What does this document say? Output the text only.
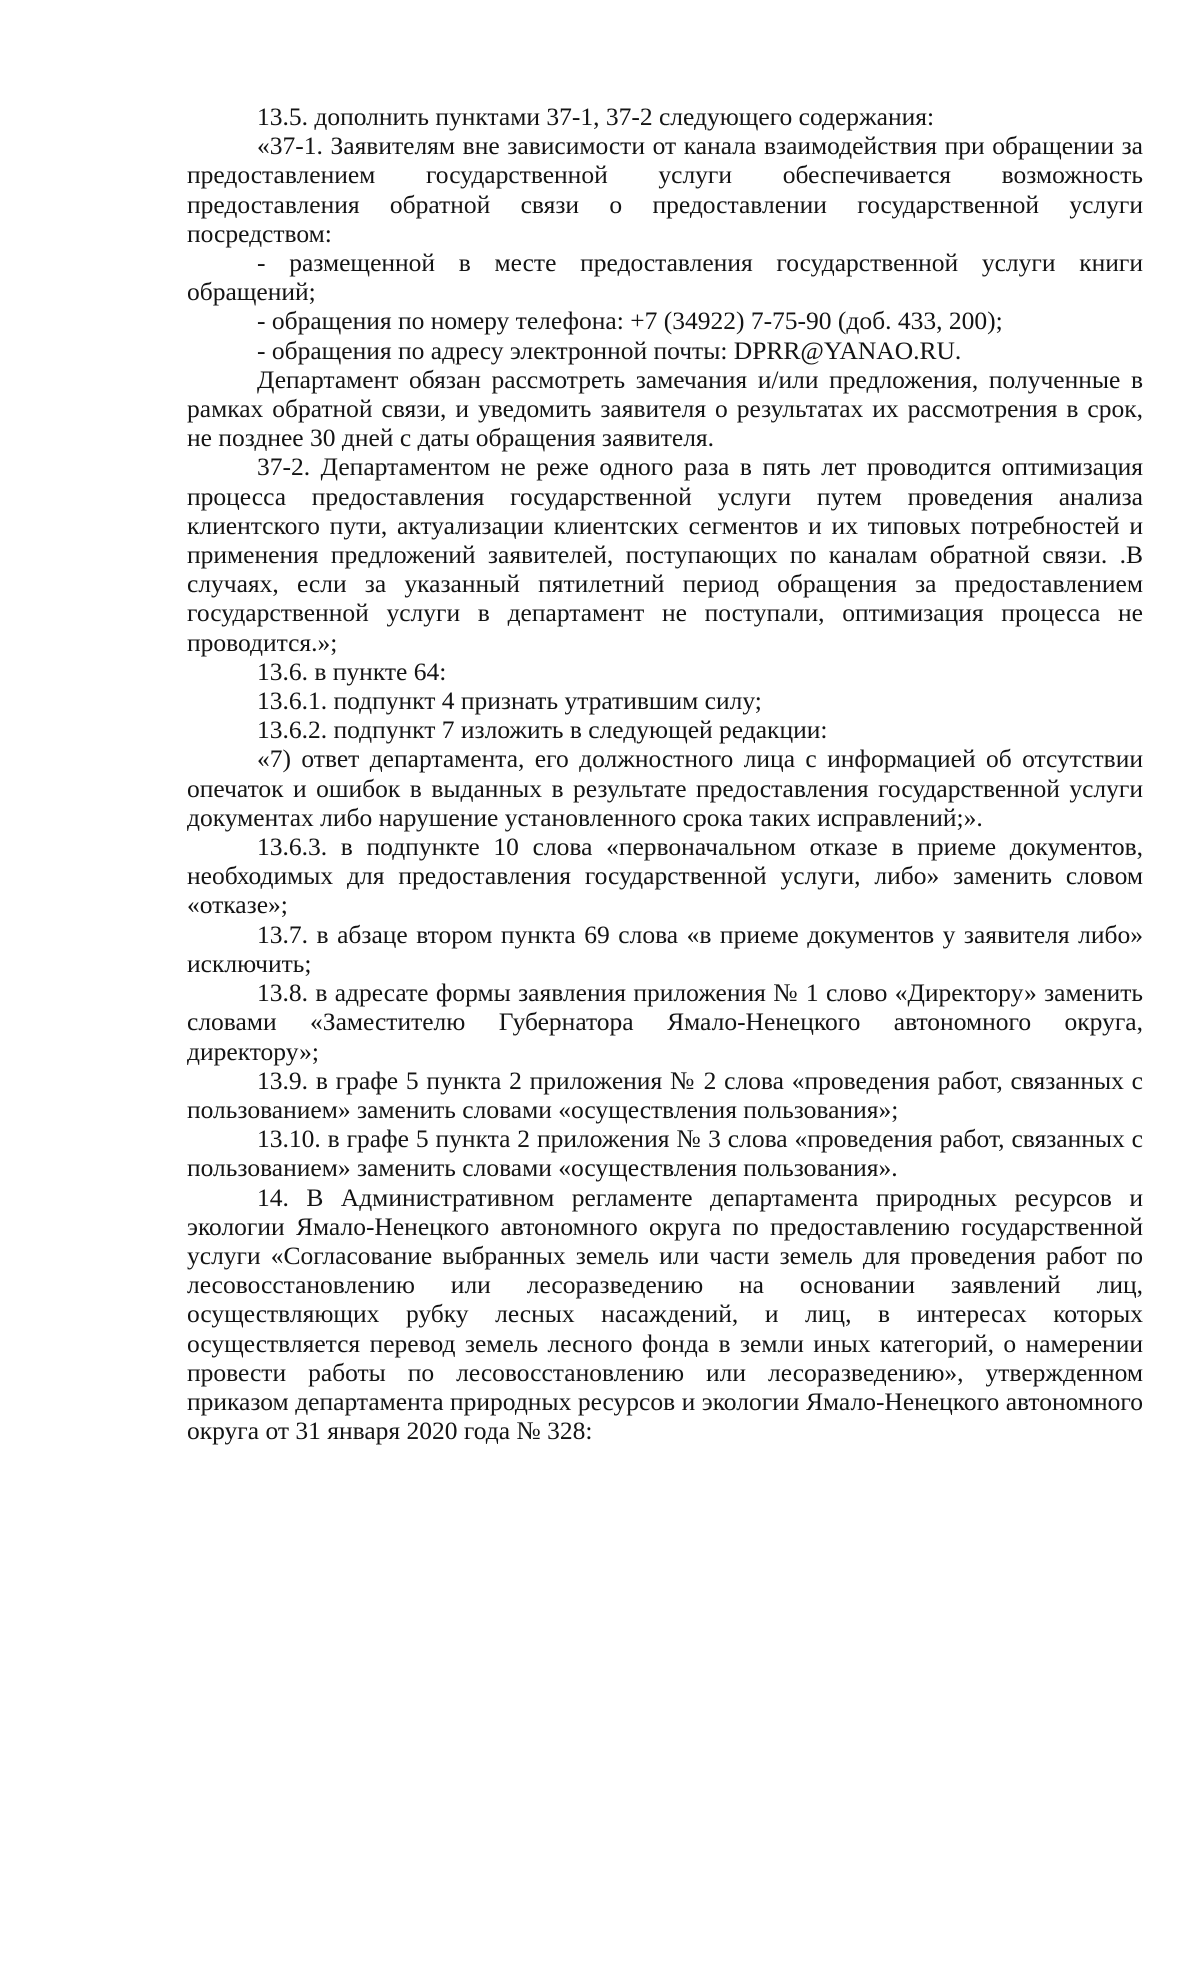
13.5. дополнить пунктами 37-1, 37-2 следующего содержания:

«37-1. Заявителям вне зависимости от канала взаимодействия при обращении за предоставлением государственной услуги обеспечивается возможность предоставления обратной связи о предоставлении государственной услуги посредством:

- размещенной в месте предоставления государственной услуги книги обращений;

- обращения по номеру телефона: +7 (34922) 7-75-90 (доб. 433, 200);

- обращения по адресу электронной почты: DPRR@YANAO.RU.

Департамент обязан рассмотреть замечания и/или предложения, полученные в рамках обратной связи, и уведомить заявителя о результатах их рассмотрения в срок, не позднее 30 дней с даты обращения заявителя.

37-2. Департаментом не реже одного раза в пять лет проводится оптимизация процесса предоставления государственной услуги путем проведения анализа клиентского пути, актуализации клиентских сегментов и их типовых потребностей и применения предложений заявителей, поступающих по каналам обратной связи. .В случаях, если за указанный пятилетний период обращения за предоставлением государственной услуги в департамент не поступали, оптимизация процесса не проводится.»;

13.6. в пункте 64:

13.6.1. подпункт 4 признать утратившим силу;

13.6.2. подпункт 7 изложить в следующей редакции:

«7) ответ департамента, его должностного лица с информацией об отсутствии опечаток и ошибок в выданных в результате предоставления государственной услуги документах либо нарушение установленного срока таких исправлений;».

13.6.3. в подпункте 10 слова «первоначальном отказе в приеме документов, необходимых для предоставления государственной услуги, либо» заменить словом «отказе»;

13.7. в абзаце втором пункта 69 слова «в приеме документов у заявителя либо» исключить;

13.8. в адресате формы заявления приложения № 1 слово «Директору» заменить словами «Заместителю Губернатора Ямало-Ненецкого автономного округа, директору»;

13.9. в графе 5 пункта 2 приложения № 2 слова «проведения работ, связанных с пользованием» заменить словами «осуществления пользования»;

13.10. в графе 5 пункта 2 приложения № 3 слова «проведения работ, связанных с пользованием» заменить словами «осуществления пользования».

14. В Административном регламенте департамента природных ресурсов и экологии Ямало-Ненецкого автономного округа по предоставлению государственной услуги «Согласование выбранных земель или части земель для проведения работ по лесовосстановлению или лесоразведению на основании заявлений лиц, осуществляющих рубку лесных насаждений, и лиц, в интересах которых осуществляется перевод земель лесного фонда в земли иных категорий, о намерении провести работы по лесовосстановлению или лесоразведению», утвержденном приказом департамента природных ресурсов и экологии Ямало-Ненецкого автономного округа от 31 января 2020 года № 328:
